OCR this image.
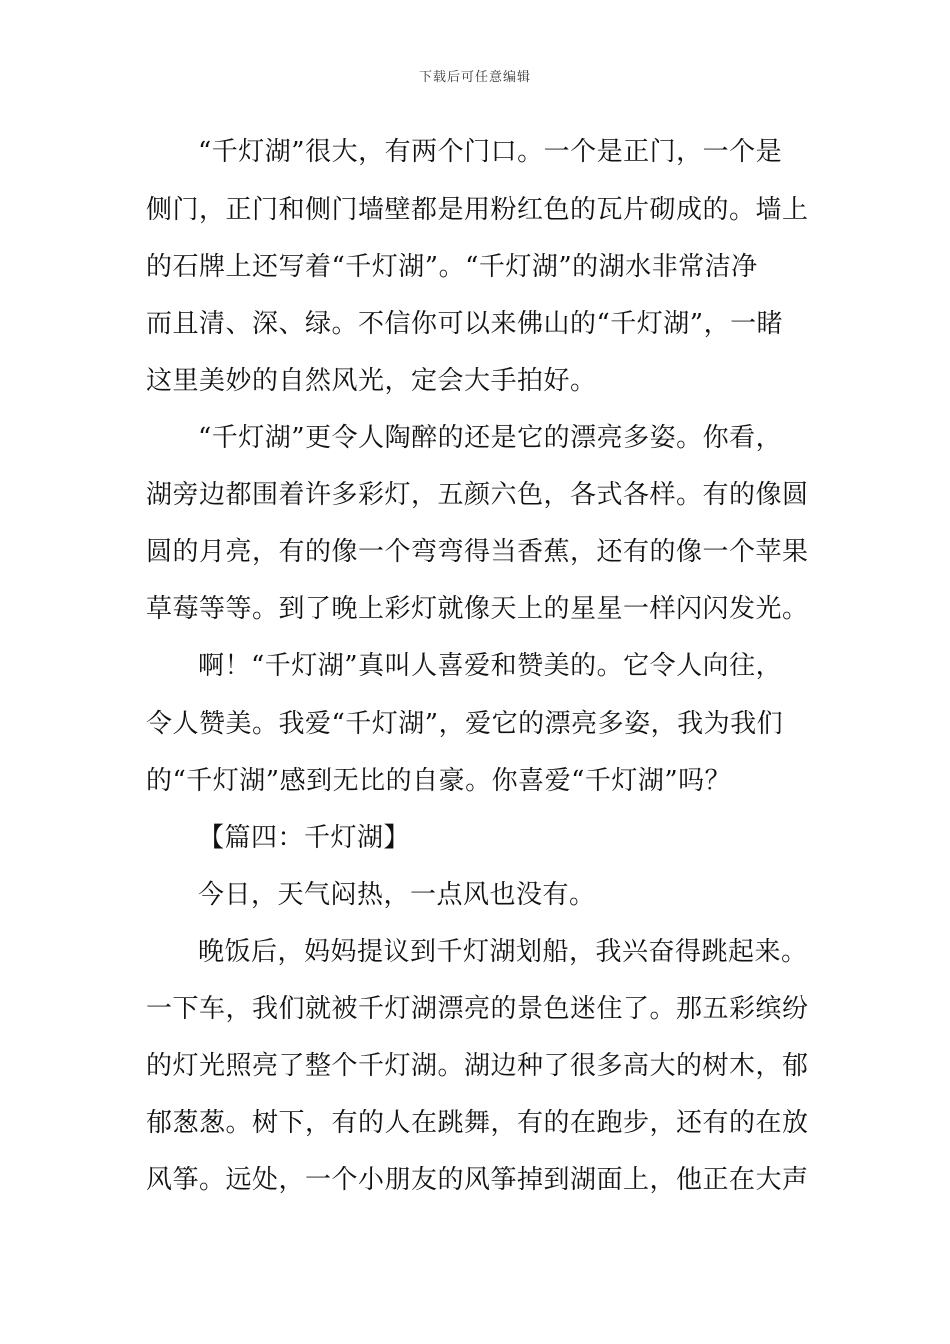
下载后可任意编辑
“千灯湖”很大，有两个门口。一个是正门，一个是
侧门，正门和侧门墙壁都是用粉红色的瓦片砌成的。墙上
的石牌上还写着“千灯湖”。“千灯湖”的湖水非常洁净
而且清、深、绿。不信你可以来佛山的“千灯湖”，一睹
这里美妙的自然风光，定会大手拍好。
“千灯湖”更令人陶醉的还是它的漂亮多姿。你看，
湖旁边都围着许多彩灯，五颜六色，各式各样。有的像圆
圆的月亮，有的像一个弯弯得当香蕉，还有的像一个苹果
草莓等等。到了晚上彩灯就像天上的星星一样闪闪发光。
啊！“千灯湖”真叫人喜爱和赞美的。它令人向往，
令人赞美。我爱“千灯湖”，爱它的漂亮多姿，我为我们
的“千灯湖”感到无比的自豪。你喜爱“千灯湖”吗？
【篇四：千灯湖】
今日，天气闷热，一点风也没有。
晚饭后，妈妈提议到千灯湖划船，我兴奋得跳起来。
一下车，我们就被千灯湖漂亮的景色迷住了。那五彩缤纷
的灯光照亮了整个千灯湖。湖边种了很多高大的树木，郁
郁葱葱。树下，有的人在跳舞，有的在跑步，还有的在放
风筝。远处，一个小朋友的风筝掉到湖面上，他正在大声
